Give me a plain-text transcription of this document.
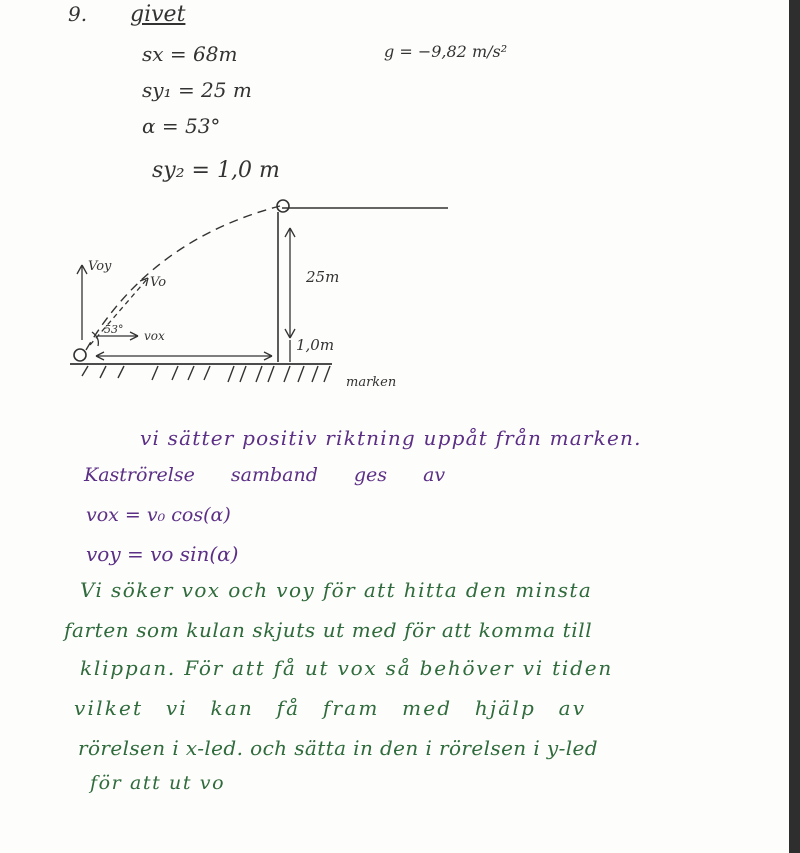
9. givet
sx = 68m
sy₁ = 25 m
α = 53°
sy₂ = 1,0 m
g = −9,82 m/s²
Voy
Vo
53° vox
25m
1,0m
marken
vi sätter positiv riktning uppåt från marken.
Kaströrelse samband ges av
vox = v₀ cos(α)
voy = vo sin(α)
Vi söker vox och voy för att hitta den minsta
farten som kulan skjuts ut med för att komma till
klippan. För att få ut vox så behöver vi tiden
vilket vi kan få fram med hjälp av
rörelsen i x-led. och sätta in den i rörelsen i y-led
för att ut vo
